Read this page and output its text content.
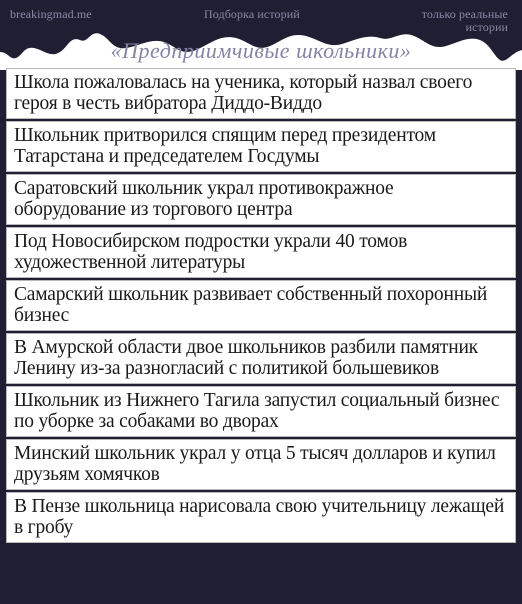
breakingmad.me	Подборка историй	только реальные истории
«Предприимчивые школьники»
Школа пожаловалась на ученика, который назвал своего героя в честь вибратора Диддо-Виддо
Школьник притворился спящим перед президентом Татарстана и председателем Госдумы
Саратовский школьник украл противокражное оборудование из торгового центра
Под Новосибирском подростки украли 40 томов художественной литературы
Самарский школьник развивает собственный похоронный бизнес
В Амурской области двое школьников разбили памятник Ленину из-за разногласий с политикой большевиков
Школьник из Нижнего Тагила запустил социальный бизнес по уборке за собаками во дворах
Минский школьник украл у отца 5 тысяч долларов и купил друзьям хомячков
В Пензе школьница нарисовала свою учительницу лежащей в гробу
